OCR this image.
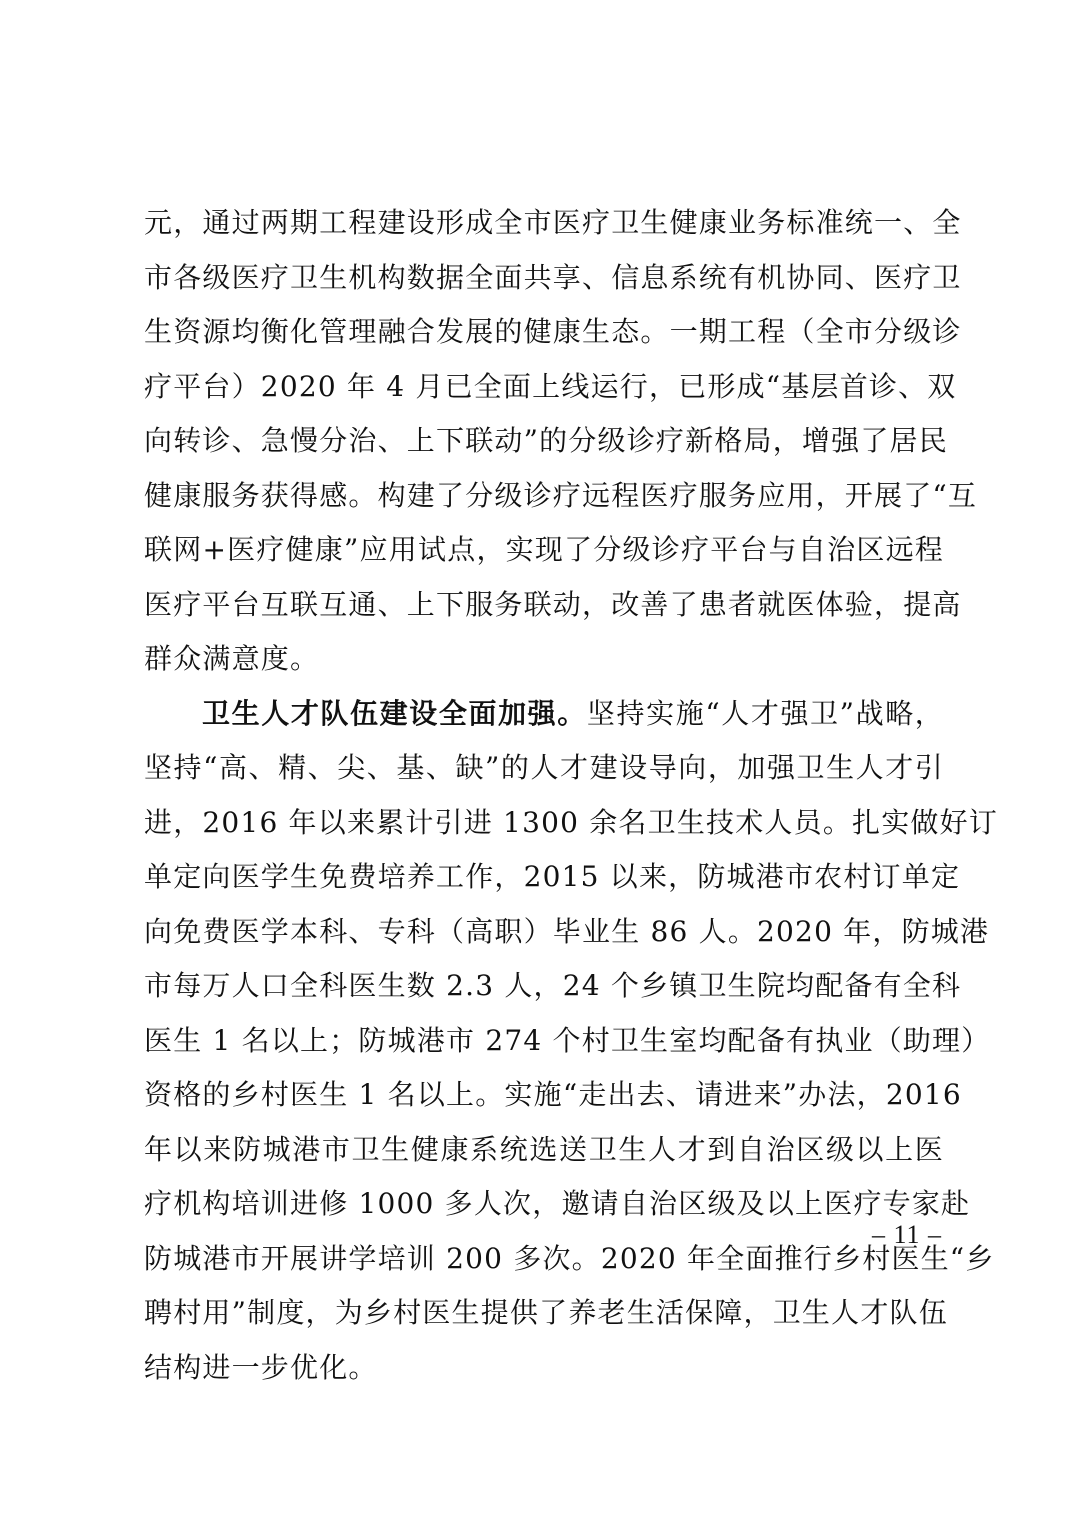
元，通过两期工程建设形成全市医疗卫生健康业务标准统一、全
市各级医疗卫生机构数据全面共享、信息系统有机协同、医疗卫
生资源均衡化管理融合发展的健康生态。一期工程（全市分级诊
疗平台）2020 年 4 月已全面上线运行，已形成“基层首诊、双
向转诊、急慢分治、上下联动”的分级诊疗新格局，增强了居民
健康服务获得感。构建了分级诊疗远程医疗服务应用，开展了“互
联网+医疗健康”应用试点，实现了分级诊疗平台与自治区远程
医疗平台互联互通、上下服务联动，改善了患者就医体验，提高
群众满意度。

卫生人才队伍建设全面加强。坚持实施“人才强卫”战略，
坚持“高、精、尖、基、缺”的人才建设导向，加强卫生人才引
进，2016 年以来累计引进 1300 余名卫生技术人员。扎实做好订
单定向医学生免费培养工作，2015 以来，防城港市农村订单定
向免费医学本科、专科（高职）毕业生 86 人。2020 年，防城港
市每万人口全科医生数 2.3 人，24 个乡镇卫生院均配备有全科
医生 1 名以上；防城港市 274 个村卫生室均配备有执业（助理）
资格的乡村医生 1 名以上。实施“走出去、请进来”办法，2016
年以来防城港市卫生健康系统选送卫生人才到自治区级以上医
疗机构培训进修 1000 多人次，邀请自治区级及以上医疗专家赴
防城港市开展讲学培训 200 多次。2020 年全面推行乡村医生“乡
聘村用”制度，为乡村医生提供了养老生活保障，卫生人才队伍
结构进一步优化。

– 11 –
